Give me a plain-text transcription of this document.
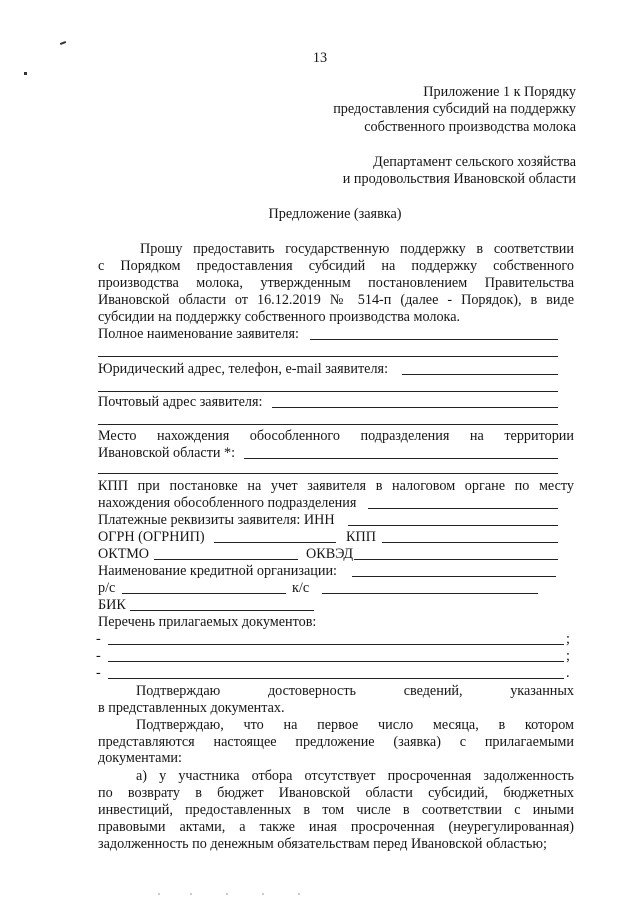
13
Приложение 1 к Порядку
предоставления субсидий на поддержку
собственного производства молока
Департамент сельского хозяйства
и продовольствия Ивановской области
Предложение (заявка)
Прошу предоставить государственную поддержку в соответствии
с Порядком предоставления субсидий на поддержку собственного
производства молока, утвержденным постановлением Правительства
Ивановской области от 16.12.2019 № 514-п (далее - Порядок), в виде
субсидии на поддержку собственного производства молока.
Полное наименование заявителя:
Юридический адрес, телефон, e-mail заявителя:
Почтовый адрес заявителя:
Место нахождения обособленного подразделения на территории
Ивановской области *:
КПП при постановке на учет заявителя в налоговом органе по месту
нахождения обособленного подразделения
Платежные реквизиты заявителя: ИНН
ОГРН (ОГРНИП)	КПП
ОКТМО	ОКВЭД
Наименование кредитной организации:
р/с	к/с
БИК
Перечень прилагаемых документов:
-	;
-	;
-	.
Подтверждаю достоверность сведений, указанных
в представленных документах.
Подтверждаю, что на первое число месяца, в котором
представляются настоящее предложение (заявка) с прилагаемыми
документами:
а) у участника отбора отсутствует просроченная задолженность
по возврату в бюджет Ивановской области субсидий, бюджетных
инвестиций, предоставленных в том числе в соответствии с иными
правовыми актами, а также иная просроченная (неурегулированная)
задолженность по денежным обязательствам перед Ивановской областью;
